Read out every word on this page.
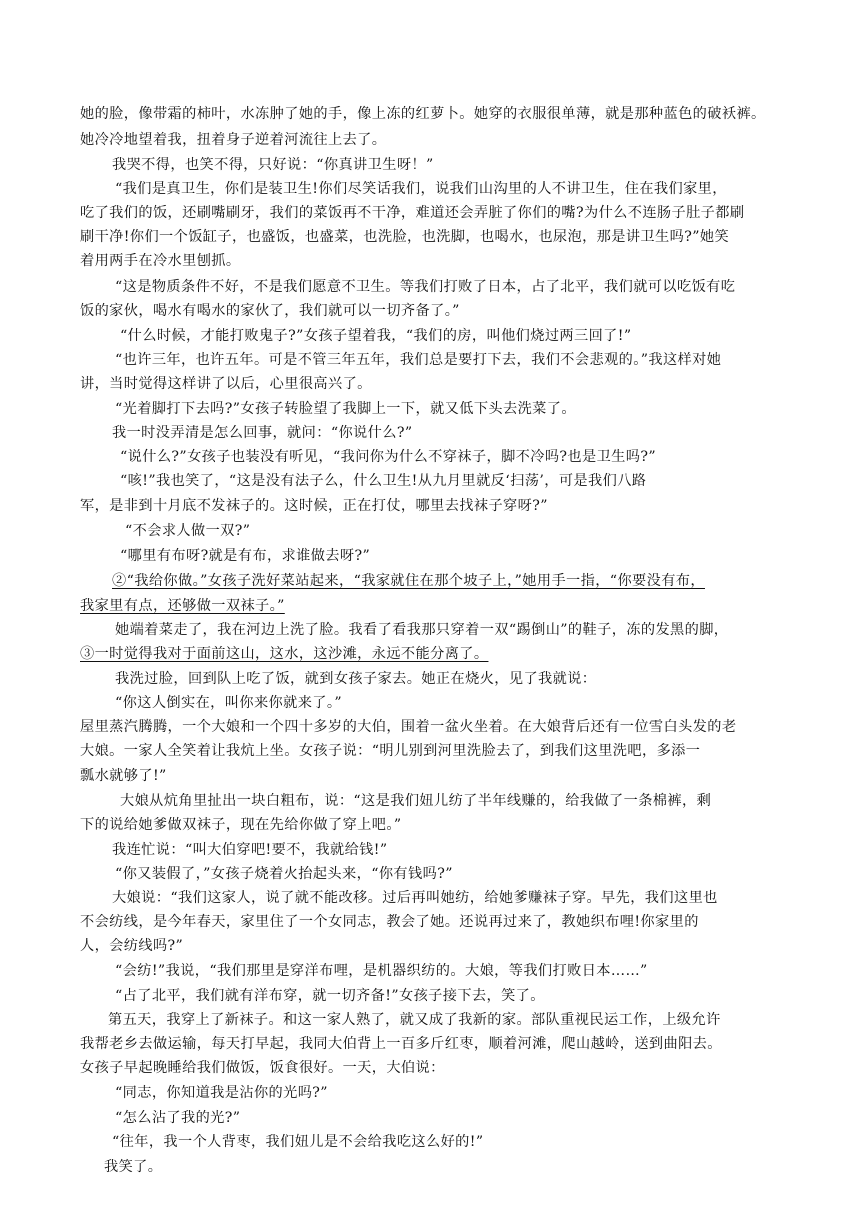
她的脸，像带霜的柿叶，水冻肿了她的手，像上冻的红萝卜。她穿的衣服很单薄，就是那种蓝色的破袄裤。
她冷冷地望着我，扭着身子逆着河流往上去了。
我哭不得，也笑不得，只好说：“你真讲卫生呀！”
“我们是真卫生，你们是装卫生!你们尽笑话我们，说我们山沟里的人不讲卫生，住在我们家里，
吃了我们的饭，还刷嘴刷牙，我们的菜饭再不干净，难道还会弄脏了你们的嘴?为什么不连肠子肚子都刷
刷干净!你们一个饭缸子，也盛饭，也盛菜，也洗脸，也洗脚，也喝水，也尿泡，那是讲卫生吗?”她笑
着用两手在冷水里刨抓。
“这是物质条件不好，不是我们愿意不卫生。等我们打败了日本，占了北平，我们就可以吃饭有吃
饭的家伙，喝水有喝水的家伙了，我们就可以一切齐备了。”
“什么时候，才能打败鬼子?”女孩子望着我，“我们的房，叫他们烧过两三回了!”
“也许三年，也许五年。可是不管三年五年，我们总是要打下去，我们不会悲观的。”我这样对她
讲，当时觉得这样讲了以后，心里很高兴了。
“光着脚打下去吗?”女孩子转脸望了我脚上一下，就又低下头去洗菜了。
我一时没弄清是怎么回事，就问：“你说什么?”
“说什么?”女孩子也装没有听见，“我问你为什么不穿袜子，脚不冷吗?也是卫生吗?”
“咳!”我也笑了，“这是没有法子么，什么卫生!从九月里就反‘扫荡’，可是我们八路
军，是非到十月底不发袜子的。这时候，正在打仗，哪里去找袜子穿呀?”
“不会求人做一双?”
“哪里有布呀?就是有布，求谁做去呀?”
②“我给你做。”女孩子洗好菜站起来，“我家就住在那个坡子上，”她用手一指，“你要没有布，
我家里有点，还够做一双袜子。”
她端着菜走了，我在河边上洗了脸。我看了看我那只穿着一双“踢倒山”的鞋子，冻的发黑的脚，
③一时觉得我对于面前这山，这水，这沙滩，永远不能分离了。
我洗过脸，回到队上吃了饭，就到女孩子家去。她正在烧火，见了我就说：
“你这人倒实在，叫你来你就来了。”
屋里蒸汽腾腾，一个大娘和一个四十多岁的大伯，围着一盆火坐着。在大娘背后还有一位雪白头发的老
大娘。一家人全笑着让我炕上坐。女孩子说：“明儿别到河里洗脸去了，到我们这里洗吧，多添一
瓢水就够了!”
大娘从炕角里扯出一块白粗布，说：“这是我们妞儿纺了半年线赚的，给我做了一条棉裤，剩
下的说给她爹做双袜子，现在先给你做了穿上吧。”
我连忙说：“叫大伯穿吧!要不，我就给钱!”
“你又装假了，”女孩子烧着火抬起头来，“你有钱吗?”
大娘说：“我们这家人，说了就不能改移。过后再叫她纺，给她爹赚袜子穿。早先，我们这里也
不会纺线，是今年春天，家里住了一个女同志，教会了她。还说再过来了，教她织布哩!你家里的
人，会纺线吗?”
“会纺!”我说，“我们那里是穿洋布哩，是机器织纺的。大娘，等我们打败日本……”
“占了北平，我们就有洋布穿，就一切齐备!”女孩子接下去，笑了。
第五天，我穿上了新袜子。和这一家人熟了，就又成了我新的家。部队重视民运工作，上级允许
我帮老乡去做运输，每天打早起，我同大伯背上一百多斤红枣，顺着河滩，爬山越岭，送到曲阳去。
女孩子早起晚睡给我们做饭，饭食很好。一天，大伯说：
“同志，你知道我是沾你的光吗?”
“怎么沾了我的光?”
“往年，我一个人背枣，我们妞儿是不会给我吃这么好的!”
我笑了。
